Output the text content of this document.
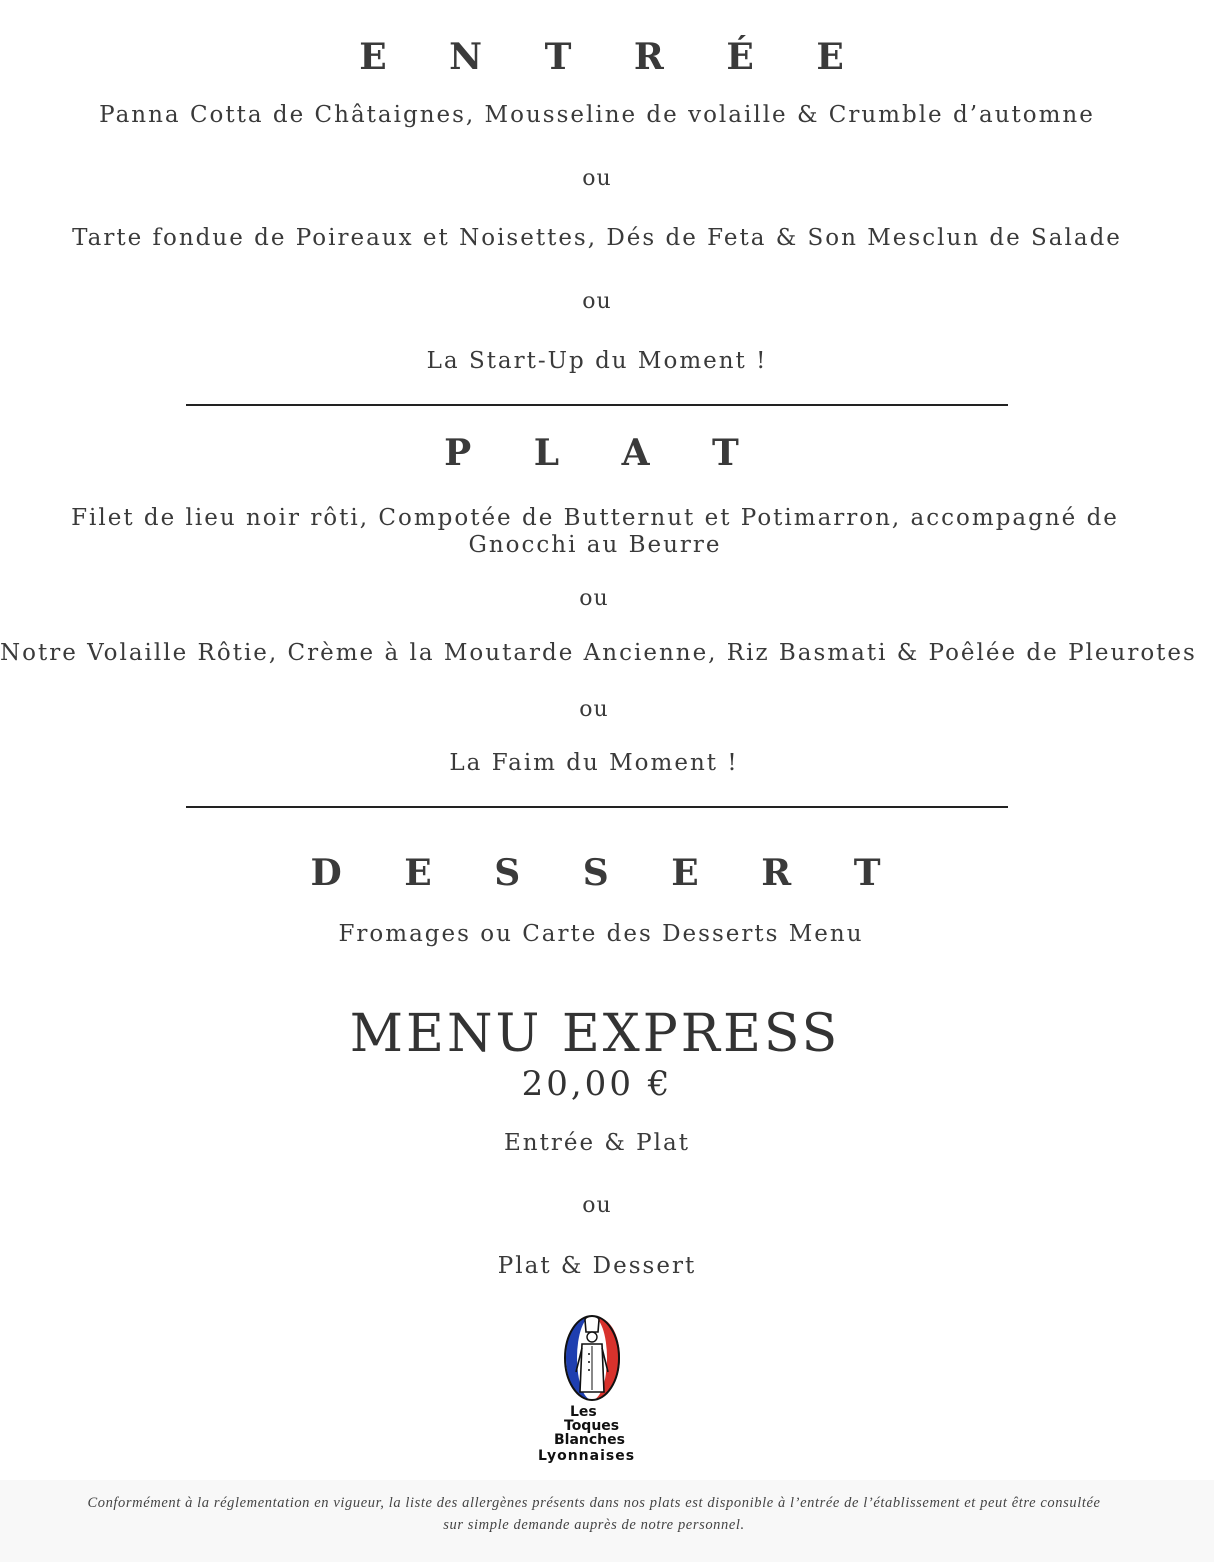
E N T R É E
Panna Cotta de Châtaignes, Mousseline de volaille & Crumble d’automne
ou
Tarte fondue de Poireaux et Noisettes, Dés de Feta & Son Mesclun de Salade
ou
La Start-Up du Moment !
P L A T
Filet de lieu noir rôti, Compotée de Butternut et Potimarron, accompagné de Gnocchi au Beurre
ou
Notre Volaille Rôtie, Crème à la Moutarde Ancienne, Riz Basmati & Poêlée de Pleurotes
ou
La Faim du Moment !
D E S S E R T
Fromages ou Carte des Desserts Menu
MENU EXPRESS
20,00 €
Entrée & Plat
ou
Plat & Dessert
Les
Toques
Blanches
Lyonnaises
Conformément à la réglementation en vigueur, la liste des allergènes présents dans nos plats est disponible à l’entrée de l’établissement et peut être consultée
sur simple demande auprès de notre personnel.
